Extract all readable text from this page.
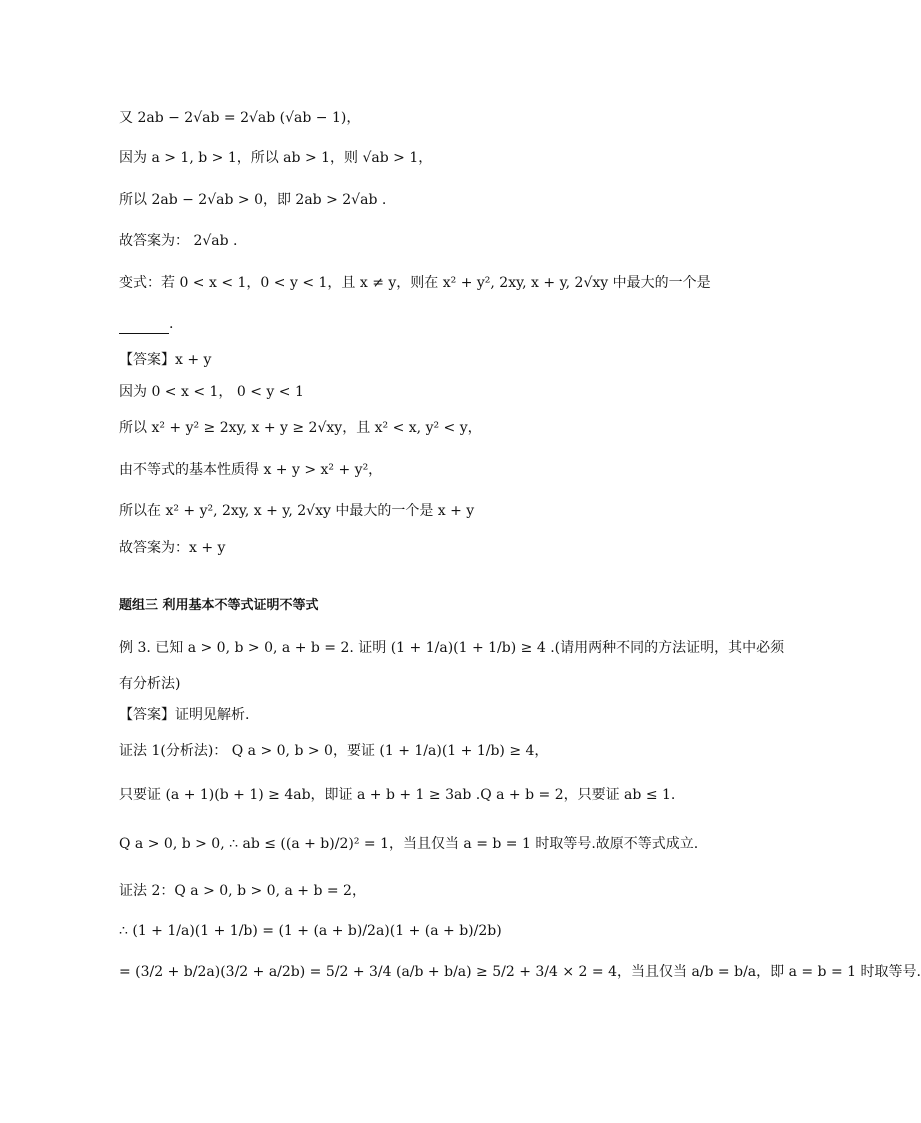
又 2ab − 2√ab = 2√ab (√ab − 1)，
因为 a > 1, b > 1，所以 ab > 1，则 √ab > 1，
所以 2ab − 2√ab > 0，即 2ab > 2√ab .
故答案为： 2√ab .
变式：若 0 < x < 1，0 < y < 1，且 x ≠ y，则在 x² + y², 2xy, x + y, 2√xy 中最大的一个是
.
【答案】x + y
因为 0 < x < 1， 0 < y < 1
所以 x² + y² ≥ 2xy, x + y ≥ 2√xy，且 x² < x, y² < y，
由不等式的基本性质得 x + y > x² + y²，
所以在 x² + y², 2xy, x + y, 2√xy 中最大的一个是 x + y
故答案为：x + y
题组三 利用基本不等式证明不等式
例 3. 已知 a > 0, b > 0, a + b = 2. 证明 (1 + 1/a)(1 + 1/b) ≥ 4 .(请用两种不同的方法证明，其中必须
有分析法)
【答案】证明见解析.
证法 1(分析法)： Q a > 0, b > 0，要证 (1 + 1/a)(1 + 1/b) ≥ 4，
只要证 (a + 1)(b + 1) ≥ 4ab，即证 a + b + 1 ≥ 3ab .Q a + b = 2，只要证 ab ≤ 1.
Q a > 0, b > 0, ∴ ab ≤ ((a + b)/2)² = 1，当且仅当 a = b = 1 时取等号.故原不等式成立.
证法 2：Q a > 0, b > 0, a + b = 2，
∴ (1 + 1/a)(1 + 1/b) = (1 + (a + b)/2a)(1 + (a + b)/2b)
= (3/2 + b/2a)(3/2 + a/2b) = 5/2 + 3/4 (a/b + b/a) ≥ 5/2 + 3/4 × 2 = 4，当且仅当 a/b = b/a，即 a = b = 1 时取等号.
